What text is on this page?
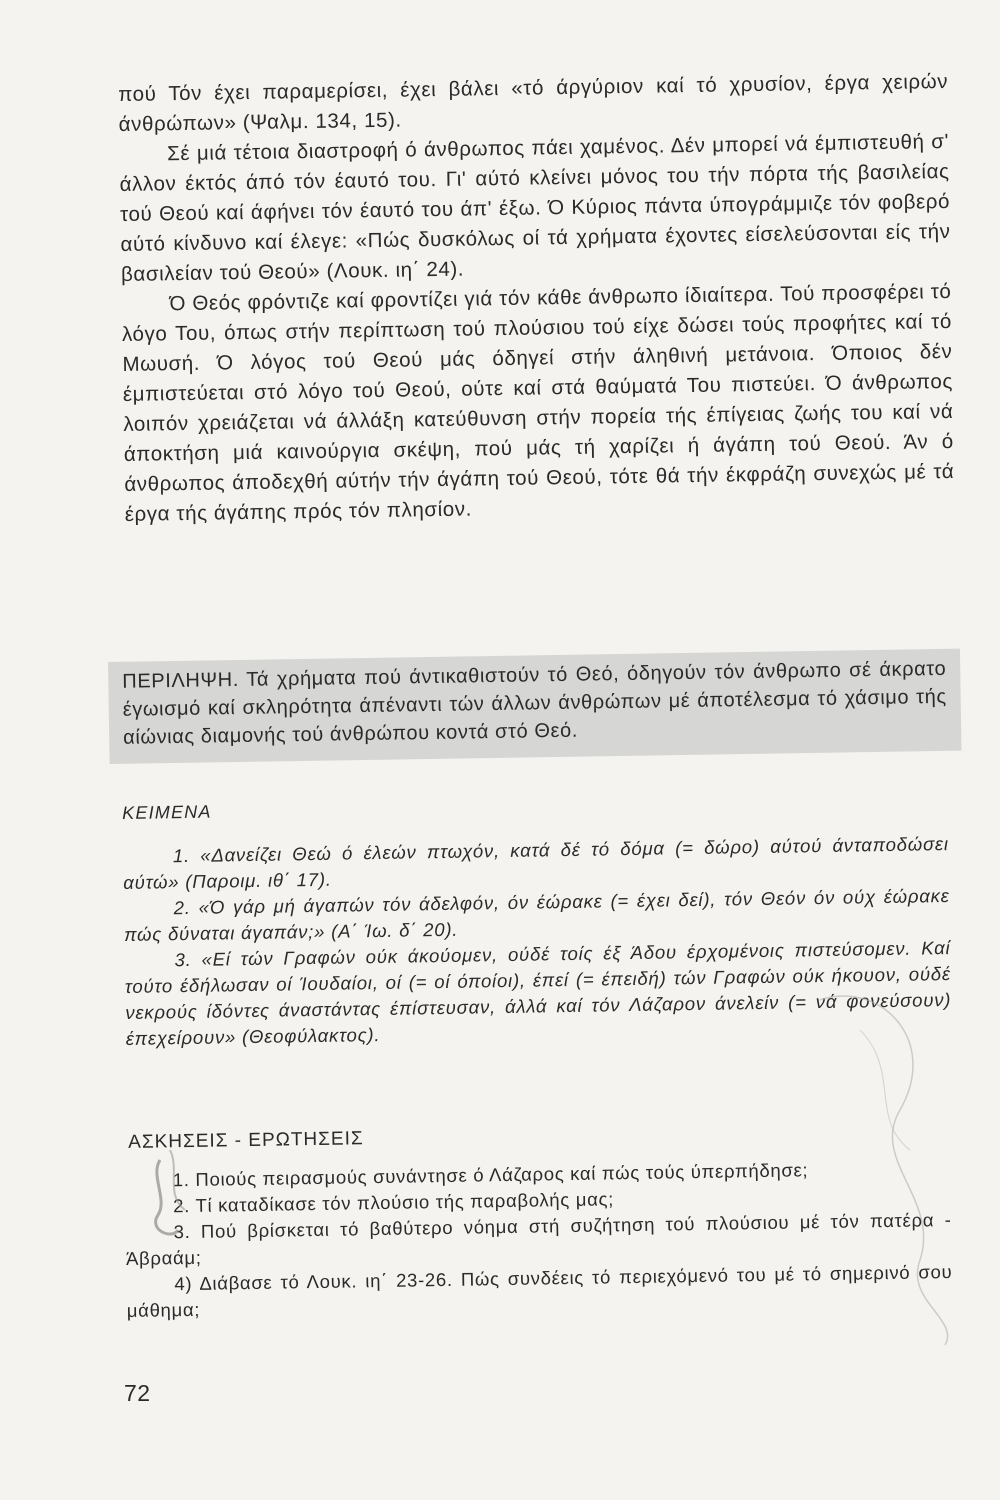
πού Τόν έχει παραμερίσει, έχει βάλει «τό άργύριον καί τό χρυσίον, έργα χειρών άνθρώπων» (Ψαλμ. 134, 15).

Σέ μιά τέτοια διαστροφή ό άνθρωπος πάει χαμένος. Δέν μπορεί νά έμπιστευθή σ' άλλον έκτός άπό τόν έαυτό του. Γι' αύτό κλείνει μόνος του τήν πόρτα τής βασιλείας τού Θεού καί άφήνει τόν έαυτό του άπ' έξω. Ό Κύριος πάντα ύπογράμμιζε τόν φοβερό αύτό κίνδυνο καί έλεγε: «Πώς δυσκόλως οί τά χρήματα έχοντες είσελεύσονται είς τήν βασιλείαν τού Θεού» (Λουκ. ιη΄ 24).

Ό Θεός φρόντιζε καί φροντίζει γιά τόν κάθε άνθρωπο ίδιαίτερα. Τού προσφέρει τό λόγο Του, όπως στήν περίπτωση τού πλούσιου τού είχε δώσει τούς προφήτες καί τό Μωυσή. Ό λόγος τού Θεού μάς όδηγεί στήν άληθινή μετάνοια. Όποιος δέν έμπιστεύεται στό λόγο τού Θεού, ούτε καί στά θαύματά Του πιστεύει. Ό άνθρωπος λοιπόν χρειάζεται νά άλλάξη κατεύθυνση στήν πορεία τής έπίγειας ζωής του καί νά άποκτήση μιά καινούργια σκέψη, πού μάς τή χαρίζει ή άγάπη τού Θεού. Άν ό άνθρωπος άποδεχθή αύτήν τήν άγάπη τού Θεού, τότε θά τήν έκφράζη συνεχώς μέ τά έργα τής άγάπης πρός τόν πλησίον.

ΠΕΡΙΛΗΨΗ. Τά χρήματα πού άντικαθιστούν τό Θεό, όδηγούν τόν άνθρωπο σέ άκρατο έγωισμό καί σκληρότητα άπέναντι τών άλλων άνθρώπων μέ άποτέλεσμα τό χάσιμο τής αίώνιας διαμονής τού άνθρώπου κοντά στό Θεό.

ΚΕΙΜΕΝΑ

1. «Δανείζει Θεώ ό έλεών πτωχόν, κατά δέ τό δόμα (= δώρο) αύτού άνταποδώσει αύτώ» (Παροιμ. ιθ΄ 17).

2. «Ό γάρ μή άγαπών τόν άδελφόν, όν έώρακε (= έχει δεί), τόν Θεόν όν ούχ έώρακε πώς δύναται άγαπάν;» (Α΄ Ίω. δ΄ 20).

3. «Εί τών Γραφών ούκ άκούομεν, ούδέ τοίς έξ Άδου έρχομένοις πιστεύσομεν. Καί τούτο έδήλωσαν οί Ίουδαίοι, οί (= οί όποίοι), έπεί (= έπειδή) τών Γραφών ούκ ήκουον, ούδέ νεκρούς ίδόντες άναστάντας έπίστευσαν, άλλά καί τόν Λάζαρον άνελείν (= νά φονεύσουν) έπεχείρουν» (Θεοφύλακτος).

ΑΣΚΗΣΕΙΣ - ΕΡΩΤΗΣΕΙΣ

1. Ποιούς πειρασμούς συνάντησε ό Λάζαρος καί πώς τούς ύπερπήδησε;

2. Τί καταδίκασε τόν πλούσιο τής παραβολής μας;

3. Πού βρίσκεται τό βαθύτερο νόημα στή συζήτηση τού πλούσιου μέ τόν πατέρα - Άβραάμ;

4) Διάβασε τό Λουκ. ιη΄ 23-26. Πώς συνδέεις τό περιεχόμενό του μέ τό σημερινό σου μάθημα;

72
